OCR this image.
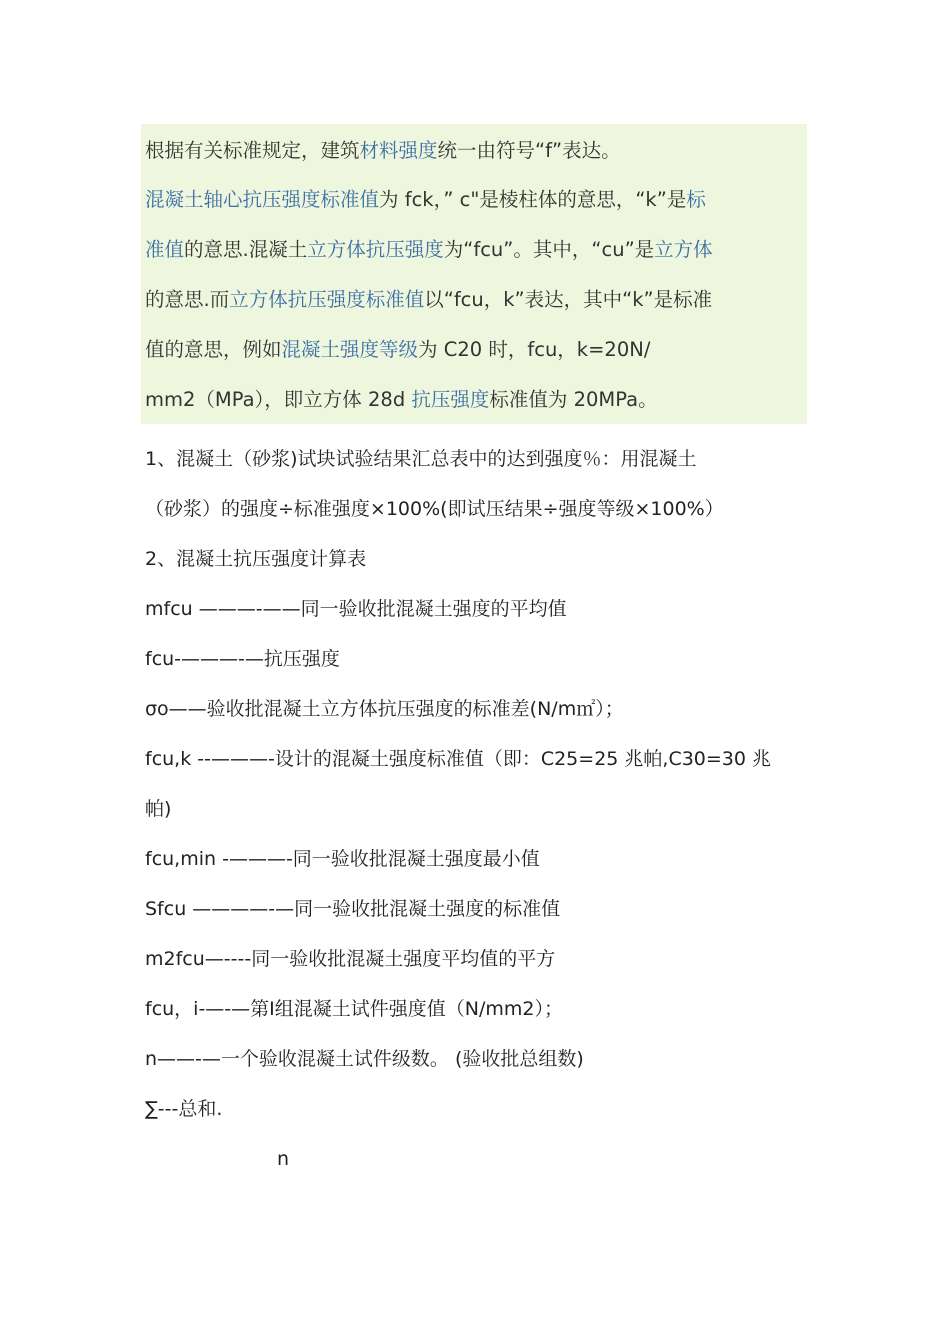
根据有关标准规定，建筑材料强度统一由符号“f”表达。
混凝土轴心抗压强度标准值为 fck，” c"是棱柱体的意思，“k”是标
准值的意思.混凝土立方体抗压强度为“fcu”。其中，“cu”是立方体
的意思.而立方体抗压强度标准值以“fcu，k”表达，其中“k”是标准
值的意思，例如混凝土强度等级为 C20 时，fcu，k=20N/
mm2（MPa），即立方体 28d 抗压强度标准值为 20MPa。
1、混凝土（砂浆)试块试验结果汇总表中的达到强度％：用混凝土
（砂浆）的强度÷标准强度×100%(即试压结果÷强度等级×100%）
2、混凝土抗压强度计算表
mfcu ———-——同一验收批混凝土强度的平均值
fcu-———-—抗压强度
σo——验收批混凝土立方体抗压强度的标准差(N/m㎡）；
fcu,k --———-设计的混凝土强度标准值（即：C25=25 兆帕,C30=30 兆
帕)
fcu,min -———-同一验收批混凝土强度最小值
Sfcu ————-—同一验收批混凝土强度的标准值
m2fcu—----同一验收批混凝土强度平均值的平方
fcu，i-—-—第Ⅰ组混凝土试件强度值（N/mm2）；
n——-—一个验收混凝土试件级数。 (验收批总组数)
∑---总和.
n
